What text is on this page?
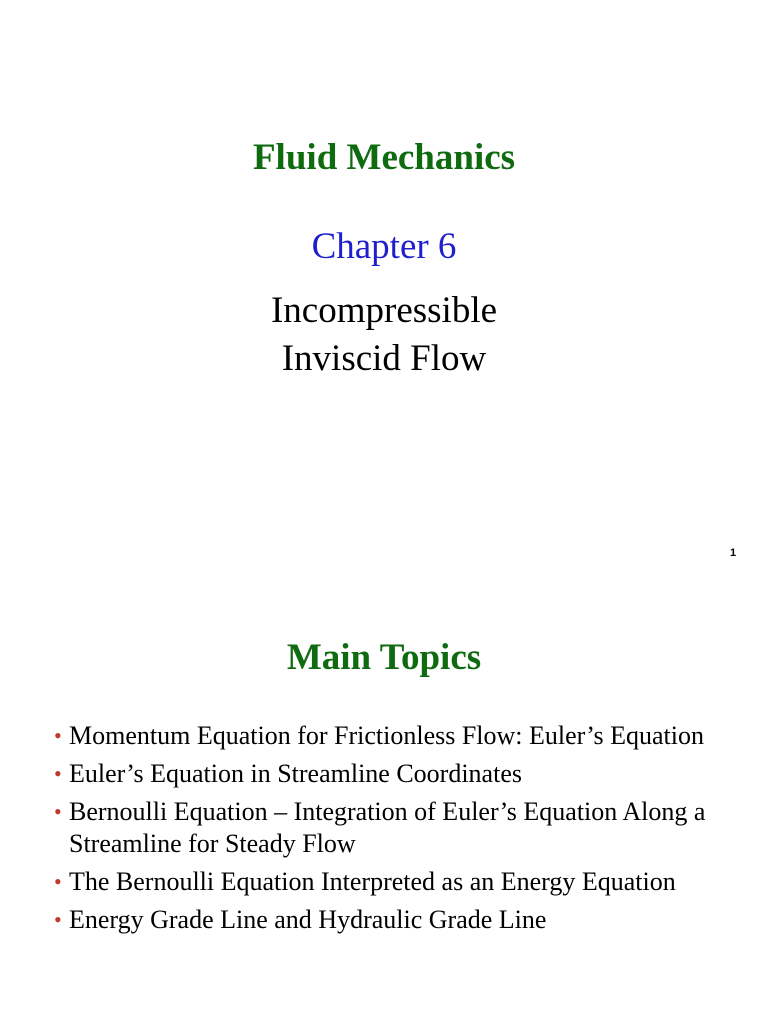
Fluid Mechanics
Chapter 6
Incompressible
Inviscid Flow
1
Main Topics
• Momentum Equation for Frictionless Flow: Euler’s Equation
• Euler’s Equation in Streamline Coordinates
• Bernoulli Equation – Integration of Euler’s Equation Along a Streamline for Steady Flow
• The Bernoulli Equation Interpreted as an Energy Equation
• Energy Grade Line and Hydraulic Grade Line
